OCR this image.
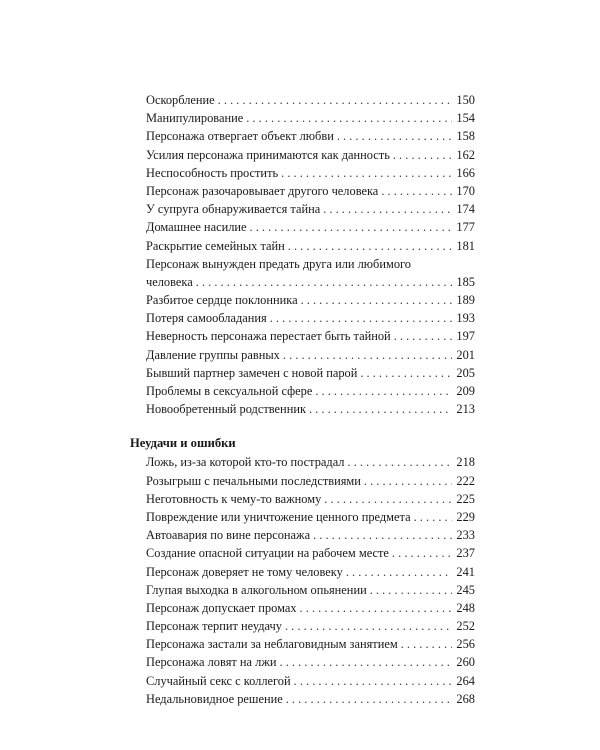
Оскорбление . . .	150
Манипулирование . . .	154
Персонажа отвергает объект любви . . .	158
Усилия персонажа принимаются как данность . . .	162
Неспособность простить . . .	166
Персонаж разочаровывает другого человека . . .	170
У супруга обнаруживается тайна . . .	174
Домашнее насилие . . .	177
Раскрытие семейных тайн . . .	181
Персонаж вынужден предать друга или любимого
человека . . .	185
Разбитое сердце поклонника . . .	189
Потеря самообладания . . .	193
Неверность персонажа перестает быть тайной . . .	197
Давление группы равных . . .	201
Бывший партнер замечен с новой парой . . .	205
Проблемы в сексуальной сфере . . .	209
Новообретенный родственник . . .	213
Неудачи и ошибки
Ложь, из-за которой кто-то пострадал . . .	218
Розыгрыш с печальными последствиями . . .	222
Неготовность к чему-то важному . . .	225
Повреждение или уничтожение ценного предмета . . .	229
Автоавария по вине персонажа . . .	233
Создание опасной ситуации на рабочем месте . . .	237
Персонаж доверяет не тому человеку . . .	241
Глупая выходка в алкогольном опьянении . . .	245
Персонаж допускает промах . . .	248
Персонаж терпит неудачу . . .	252
Персонажа застали за неблаговидным занятием . . .	256
Персонажа ловят на лжи . . .	260
Случайный секс с коллегой . . .	264
Недальновидное решение . . .	268
